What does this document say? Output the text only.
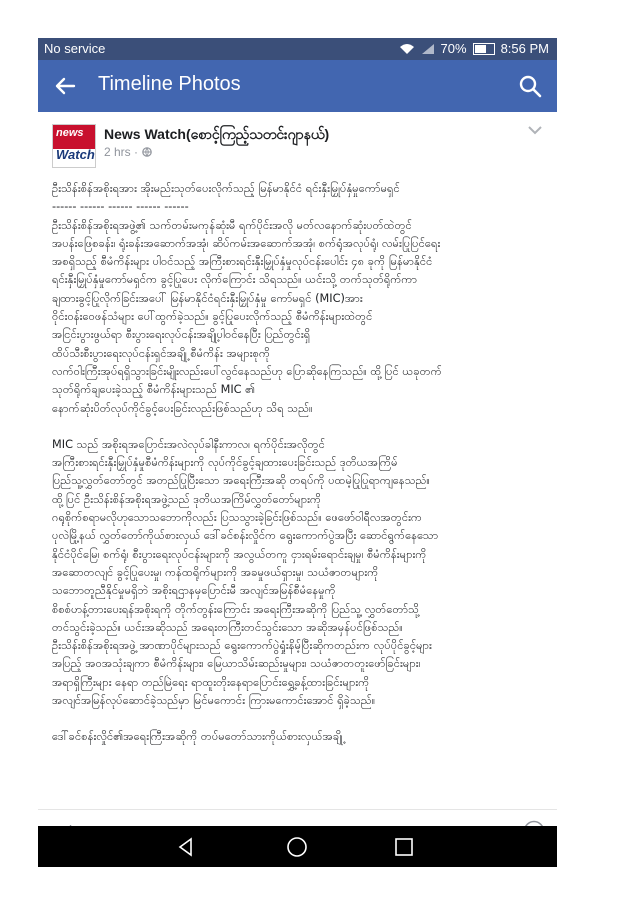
No service	70%	8:56 PM
Timeline Photos
news
Watch
News Watch(စောင့်ကြည့်သတင်းဂျာနယ်)
2 hrs ·

ဦးသိန်းစိန်အစိုးရအား အိုးမည်းသုတ်ပေးလိုက်သည့် မြန်မာနိုင်ငံ ရင်းနှီးမြှုပ်နှံမှုကော်မရှင်

------ ------ ------ ------ ------

ဦးသိန်းစိန်အစိုးရအဖွဲ့၏ သက်တမ်းမကုန်ဆုံးမီ ရက်ပိုင်းအလို မတ်လနောက်ဆုံးပတ်ထဲတွင်

အပန်းဖြေစခန်း၊ ရုံးခန်းအဆောက်အအုံ၊ ဆိပ်ကမ်းအဆောက်အအုံ၊ စက်ရုံအလုပ်ရုံ၊ လမ်းပြုပြင်ရေး

အစရှိသည့် စီမံကိန်းများ ပါဝင်သည့် အကြီးစားရင်းနှီးမြှုပ်နှံမှုလုပ်ငန်းပေါင်း ၄၈ ခုကို မြန်မာနိုင်ငံ

ရင်းနှီးမြှုပ်နှံမှုကော်မရှင်က ခွင့်ပြုပေး လိုက်ကြောင်း သိရသည်။ ယင်းသို့ တက်သုတ်ရိုက်ကာ

ချထားခွင့်ပြုလိုက်ခြင်းအပေါ် မြန်မာနိုင်ငံရင်းနှီးမြှုပ်နှံမှု ကော်မရှင် (MIC)အား

ဝိုင်းဝန်းဝေဖန်သံများ ပေါ်ထွက်ခဲ့သည်။ ခွင့်ပြုပေးလိုက်သည့် စီမံကိန်းများထဲတွင်

အငြင်းပွားဖွယ်ရာ စီးပွားရေးလုပ်ငန်းအချို့ပါဝင်နေပြီး ပြည်တွင်းရှိ

ထိပ်သီးစီးပွားရေးလုပ်ငန်းရှင်အချို့ စီမံကိန်း အများစုကို

လက်ဝါးကြီးအုပ်ရရှိသွားခြင်းမျိုးလည်းပေါ်လွင်နေသည်ဟု ပြောဆိုနေကြသည်။ ထို့ပြင် ယခုတက်

သုတ်ရိုက်ချပေးခဲ့သည့် စီမံကိန်းများသည် MIC ၏

နောက်ဆုံးပိတ်လုပ်ကိုင်ခွင့်ပေးခြင်းလည်းဖြစ်သည်ဟု သိရ သည်။

MIC သည် အစိုးရအပြောင်းအလဲလုပ်ခါနီးကာလ၊ ရက်ပိုင်းအလိုတွင်

အကြီးစားရင်းနှီးမြှုပ်နှံမှုစီမံကိန်းများကို လုပ်ကိုင်ခွင့်ချထားပေးခြင်းသည် ဒုတိယအကြိမ်

ပြည်သူ့လွှတ်တော်တွင် အတည်ပြုပြီးသော အရေးကြီးအဆို တရပ်ကို ပထမဲ့ပြုပြုရာကျနေသည်။

ထို့ပြင် ဦးသိန်းစိန်အစိုးရအဖွဲ့သည် ဒုတိယအကြိမ်လွှတ်တော်များကို

ဂရုစိုက်စရာမလိုဟုသောသဘောကိုလည်း ပြသသွားခဲ့ခြင်းဖြစ်သည်။ ဖေဖော်ဝါရီလအတွင်းက

ပုလဲမြို့နယ် လွှတ်တော်ကိုယ်စားလှယ် ဒေါ်ခင်စန်းလှိုင်က ရွေးကောက်ပွဲအပြီး ဆောင်ရွက်နေသော

နိုင်ငံပိုင်မြေ၊ စက်ရုံ၊ စီးပွားရေးလုပ်ငန်းများကို အလွယ်တကူ ငှားရမ်းရောင်းချမှု၊ စီမံကိန်းများကို

အဆောတလျင် ခွင့်ပြုပေးမှု၊ ကန်ထရိုက်များကို အခမှုဖယ်ရှားမှု၊ သယံဇာတများကို

သဘောတူညီနိုင်မှုမရှိဘဲ အစိုးရဌာနမှပြောင်းမီ အလျင်အမြန်စီမံနေမှုကို

စိစစ်ဟန့်တားပေးရန်အစိုးရကို တိုက်တွန်းကြောင်း အရေးကြီးအဆိုကို ပြည်သူ့ လွှတ်တော်သို့

တင်သွင်းခဲ့သည်။ ယင်းအဆိုသည် အရေးတကြီးတင်သွင်းသော အဆိုအမှန်ပင်ဖြစ်သည်။

ဦးသိန်းစိန်အစိုးရအဖွဲ့ အာဏာပိုင်များသည် ရွေးကောက်ပွဲရှုံးနိမ့်ပြီးဆိုကတည်းက လုပ်ပိုင်ခွင့်များ

အပြည့် အဝအသုံးချကာ စီမံကိန်းများ၊ မြေယာသိမ်းဆည်းမှုများ၊ သယံဇာတတူးဖော်ခြင်းများ၊

အရာရှိကြီးများ နေရာ တည်မြဲရေး ရာထူးတိုးနေရာပြောင်းရွှေ့ခန့်ထားခြင်းများကို

အလျင်အမြန်လုပ်ဆောင်ခဲ့သည်မှာ မြင်မကောင်း ကြားမကောင်းအောင် ရှိခဲ့သည်။

ဒေါ်ခင်စန်းလှိုင်၏အရေးကြီးအဆိုကို တပ်မတော်သားကိုယ်စားလှယ်အချို့
